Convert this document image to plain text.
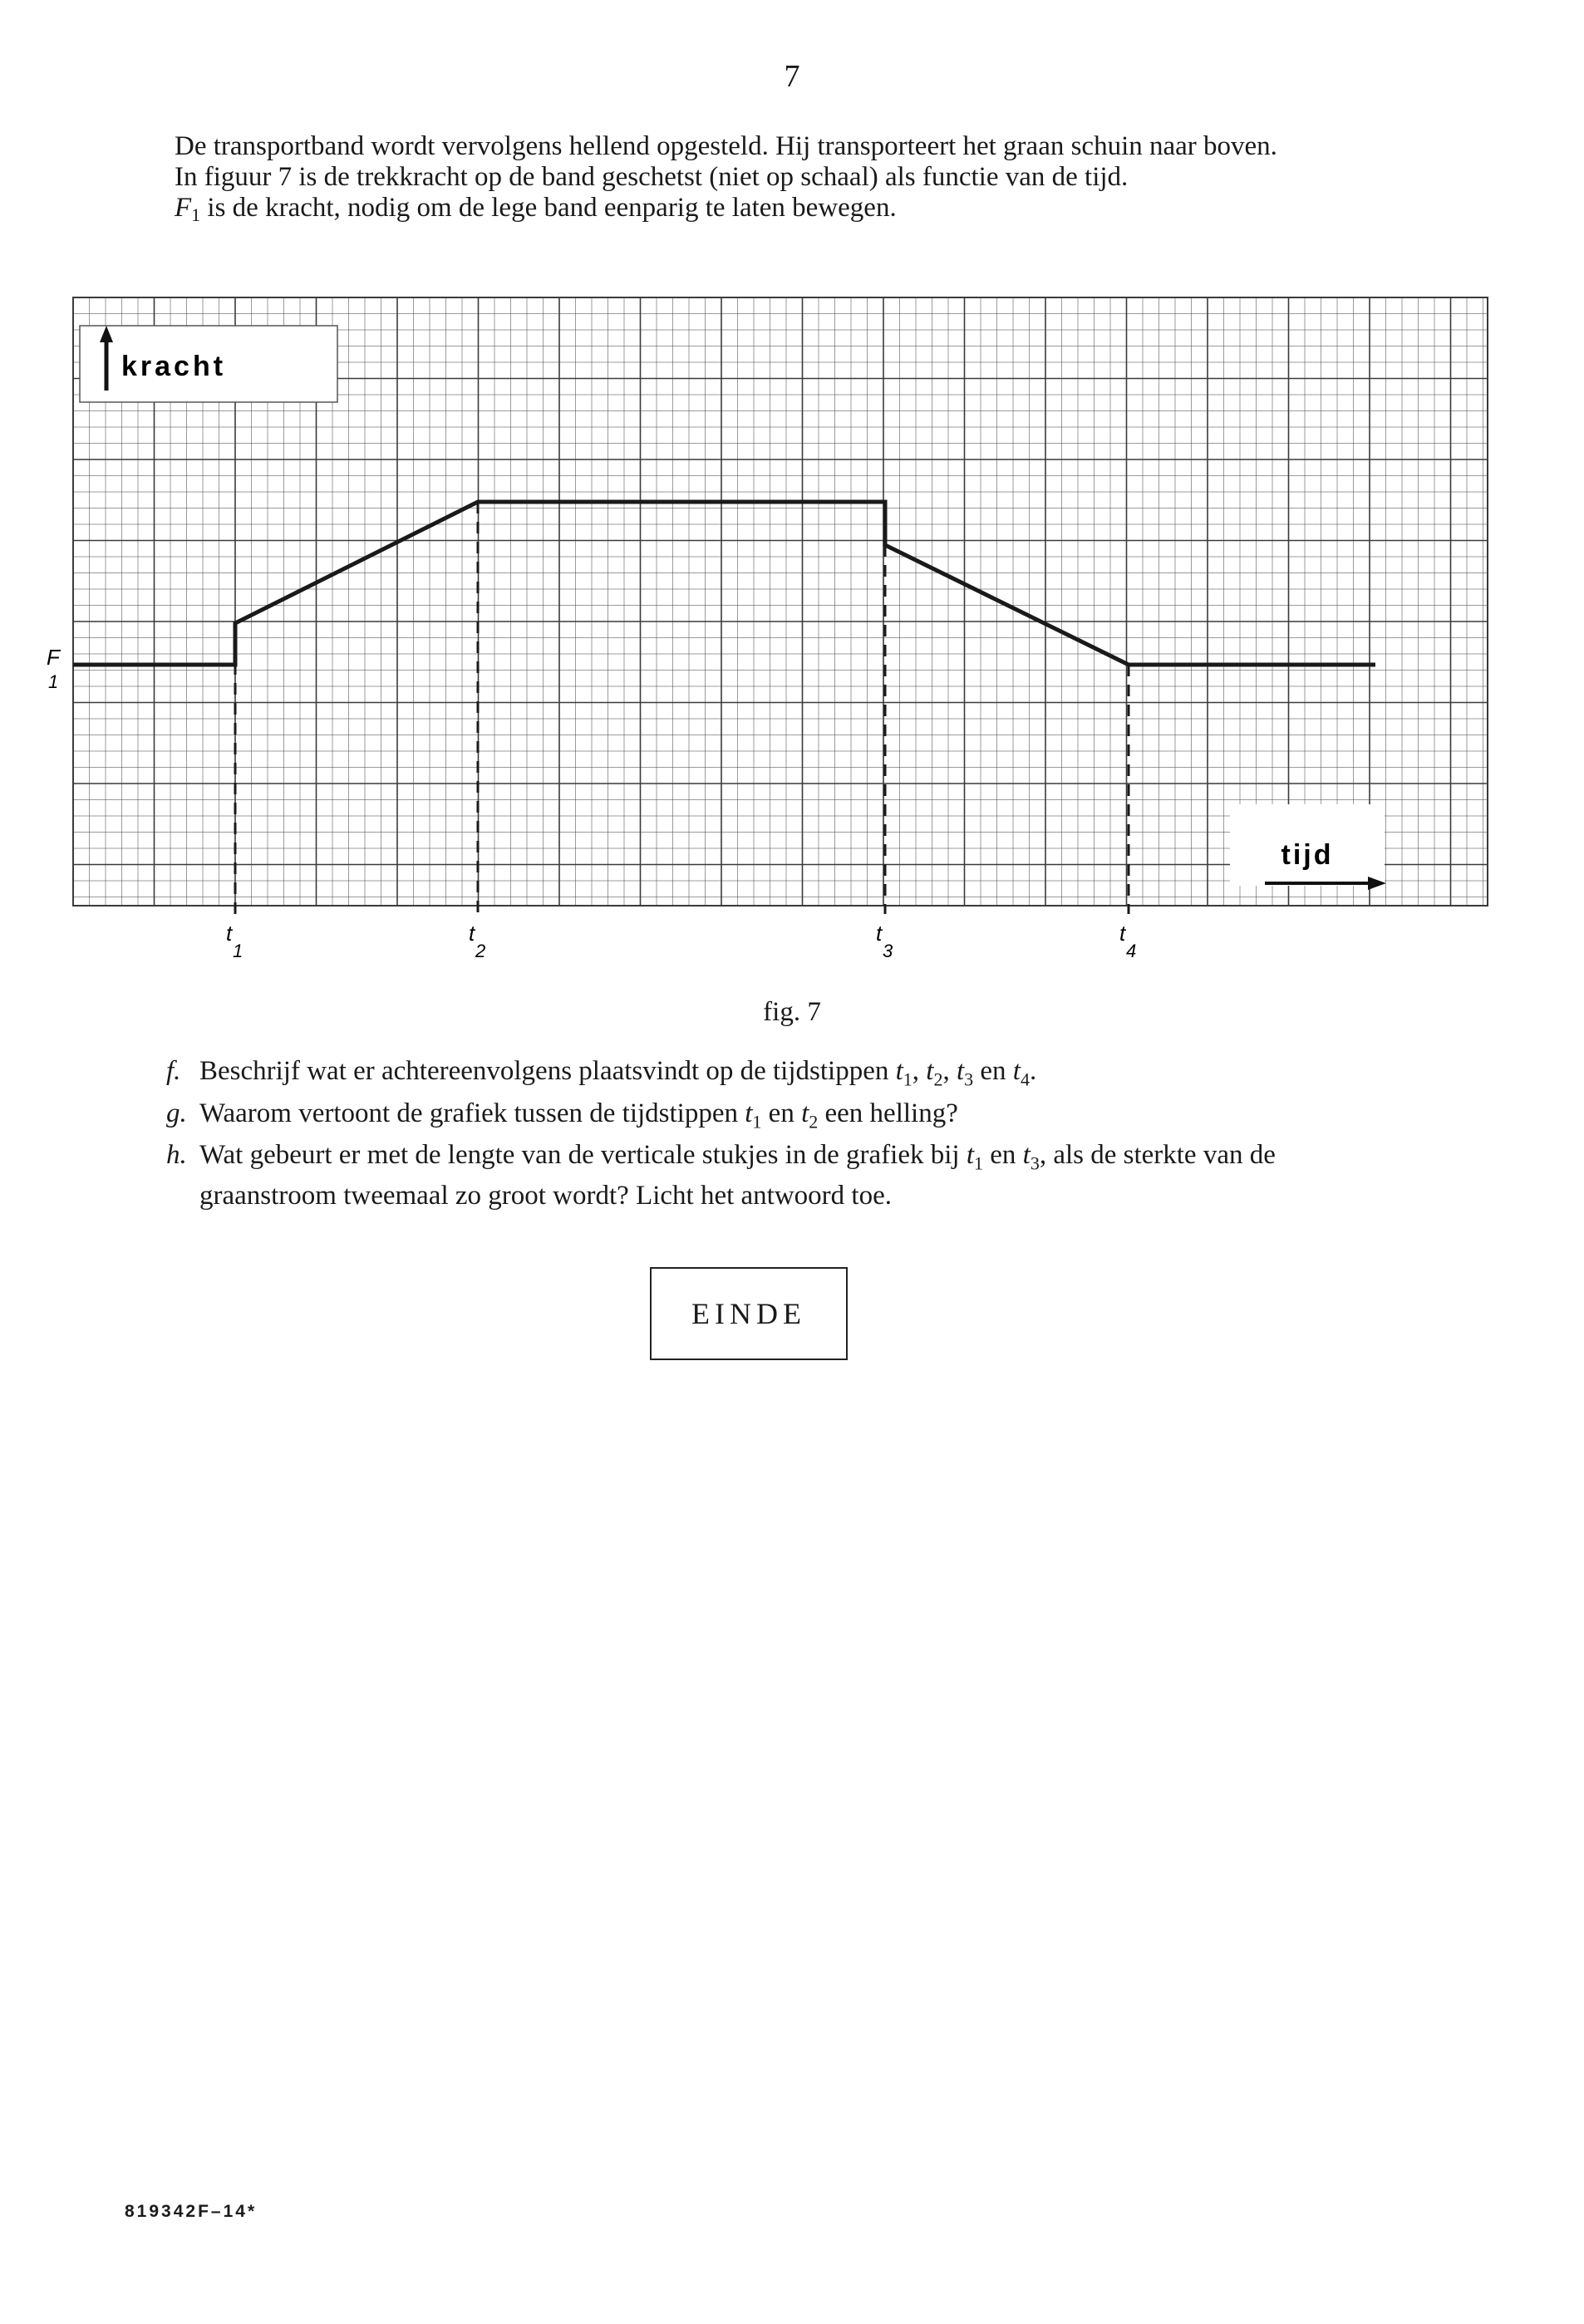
7

De transportband wordt vervolgens hellend opgesteld. Hij transporteert het graan schuin naar boven.

In figuur 7 is de trekkracht op de band geschetst (niet op schaal) als functie van de tijd.

$F_1$ is de kracht, nodig om de lege band eenparig te laten bewegen.

kracht
tijd
F
1
t
1
t
2
t
3
t
4
fig. 7
f. Beschrijf wat er achtereenvolgens plaatsvindt op de tijdstippen $t_1$, $t_2$, $t_3$ en $t_4$.
g. Waarom vertoont de grafiek tussen de tijdstippen $t_1$ en $t_2$ een helling?
h. Wat gebeurt er met de lengte van de verticale stukjes in de grafiek bij $t_1$ en $t_3$, als de sterkte van de graanstroom tweemaal zo groot wordt? Licht het antwoord toe.
EINDE
819342F–14*
